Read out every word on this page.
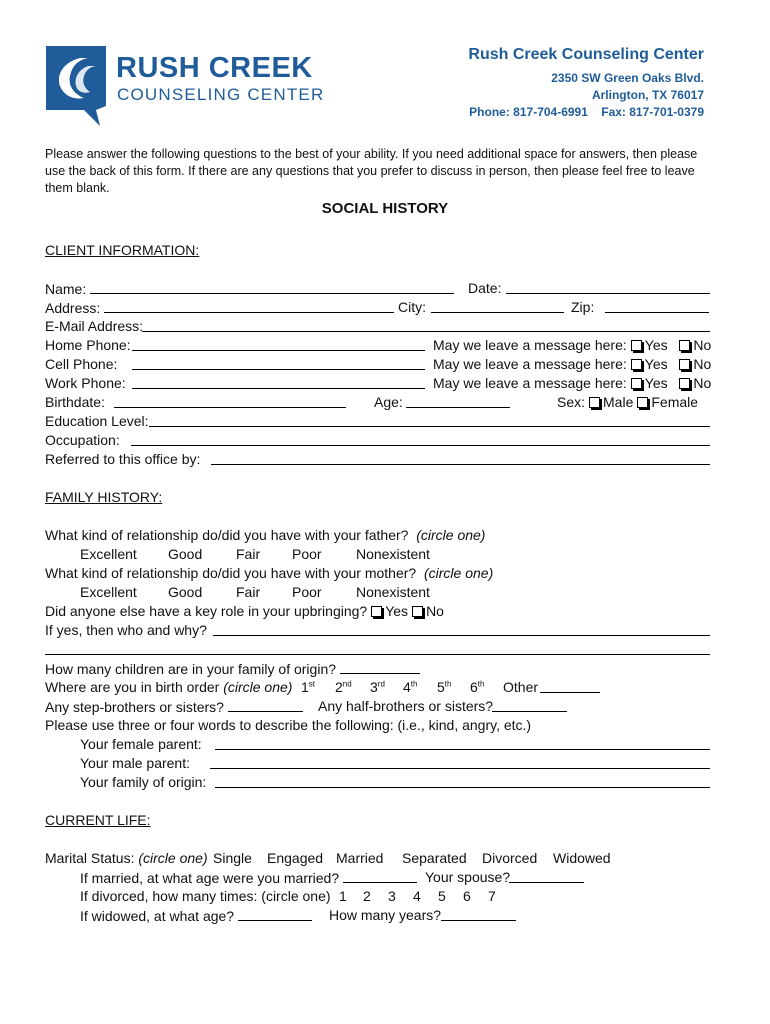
RUSH CREEK
COUNSELING CENTER
Rush Creek Counseling Center
2350 SW Green Oaks Blvd.
Arlington, TX 76017
Phone: 817-704-6991 Fax: 817-701-0379
Please answer the following questions to the best of your ability. If you need additional space for answers, then please use the back of this form. If there are any questions that you prefer to discuss in person, then please feel free to leave them blank.
SOCIAL HISTORY
CLIENT INFORMATION:
Name:	Date:
Address:	City:	Zip:
E-Mail Address:
Home Phone:	May we leave a message here: Yes No
Cell Phone:	May we leave a message here: Yes No
Work Phone:	May we leave a message here: Yes No
Birthdate:	Age:	Sex: Male Female
Education Level:
Occupation:
Referred to this office by:
FAMILY HISTORY:
What kind of relationship do/did you have with your father? (circle one)
Excellent Good Fair Poor Nonexistent
What kind of relationship do/did you have with your mother? (circle one)
Excellent Good Fair Poor Nonexistent
Did anyone else have a key role in your upbringing? Yes No
If yes, then who and why?
How many children are in your family of origin?
Where are you in birth order (circle one) 1st 2nd 3rd 4th 5th 6th Other
Any step-brothers or sisters?	Any half-brothers or sisters?
Please use three or four words to describe the following: (i.e., kind, angry, etc.)
Your female parent:
Your male parent:
Your family of origin:
CURRENT LIFE:
Marital Status: (circle one) Single Engaged Married Separated Divorced Widowed
If married, at what age were you married?	Your spouse?
If divorced, how many times: (circle one) 1 2 3 4 5 6 7
If widowed, at what age?	How many years?
